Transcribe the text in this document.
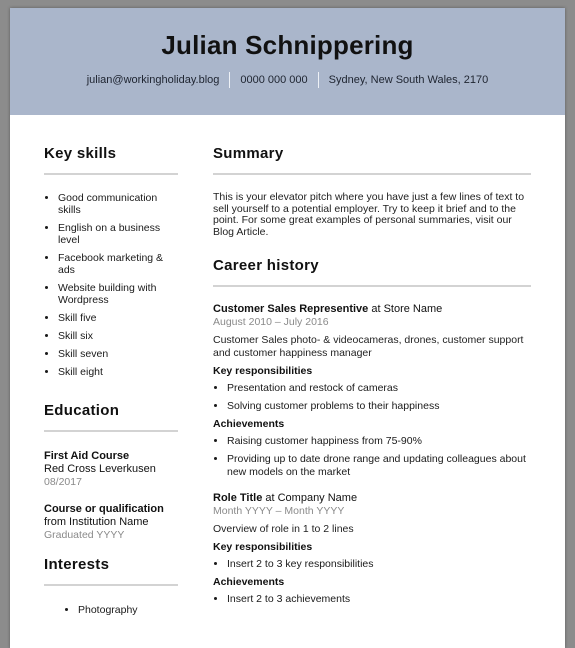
Julian Schnippering
julian@workingholiday.blog	0000 000 000	Sydney, New South Wales, 2170
Key skills
• Good communication skills
• English on a business level
• Facebook marketing & ads
• Website building with Wordpress
• Skill five
• Skill six
• Skill seven
• Skill eight
Education
First Aid Course
Red Cross Leverkusen
08/2017
Course or qualification
from Institution Name
Graduated YYYY
Interests
• Photography
Summary
This is your elevator pitch where you have just a few lines of text to sell yourself to a potential employer. Try to keep it brief and to the point. For some great examples of personal summaries, visit our Blog Article.
Career history
Customer Sales Representive at Store Name
August 2010 – July 2016
Customer Sales photo- & videocameras, drones, customer support and customer happiness manager
Key responsibilities
• Presentation and restock of cameras
• Solving customer problems to their happiness
Achievements
• Raising customer happiness from 75-90%
• Providing up to date drone range and updating colleagues about new models on the market
Role Title at Company Name
Month YYYY – Month YYYY
Overview of role in 1 to 2 lines
Key responsibilities
• Insert 2 to 3 key responsibilities
Achievements
• Insert 2 to 3 achievements
